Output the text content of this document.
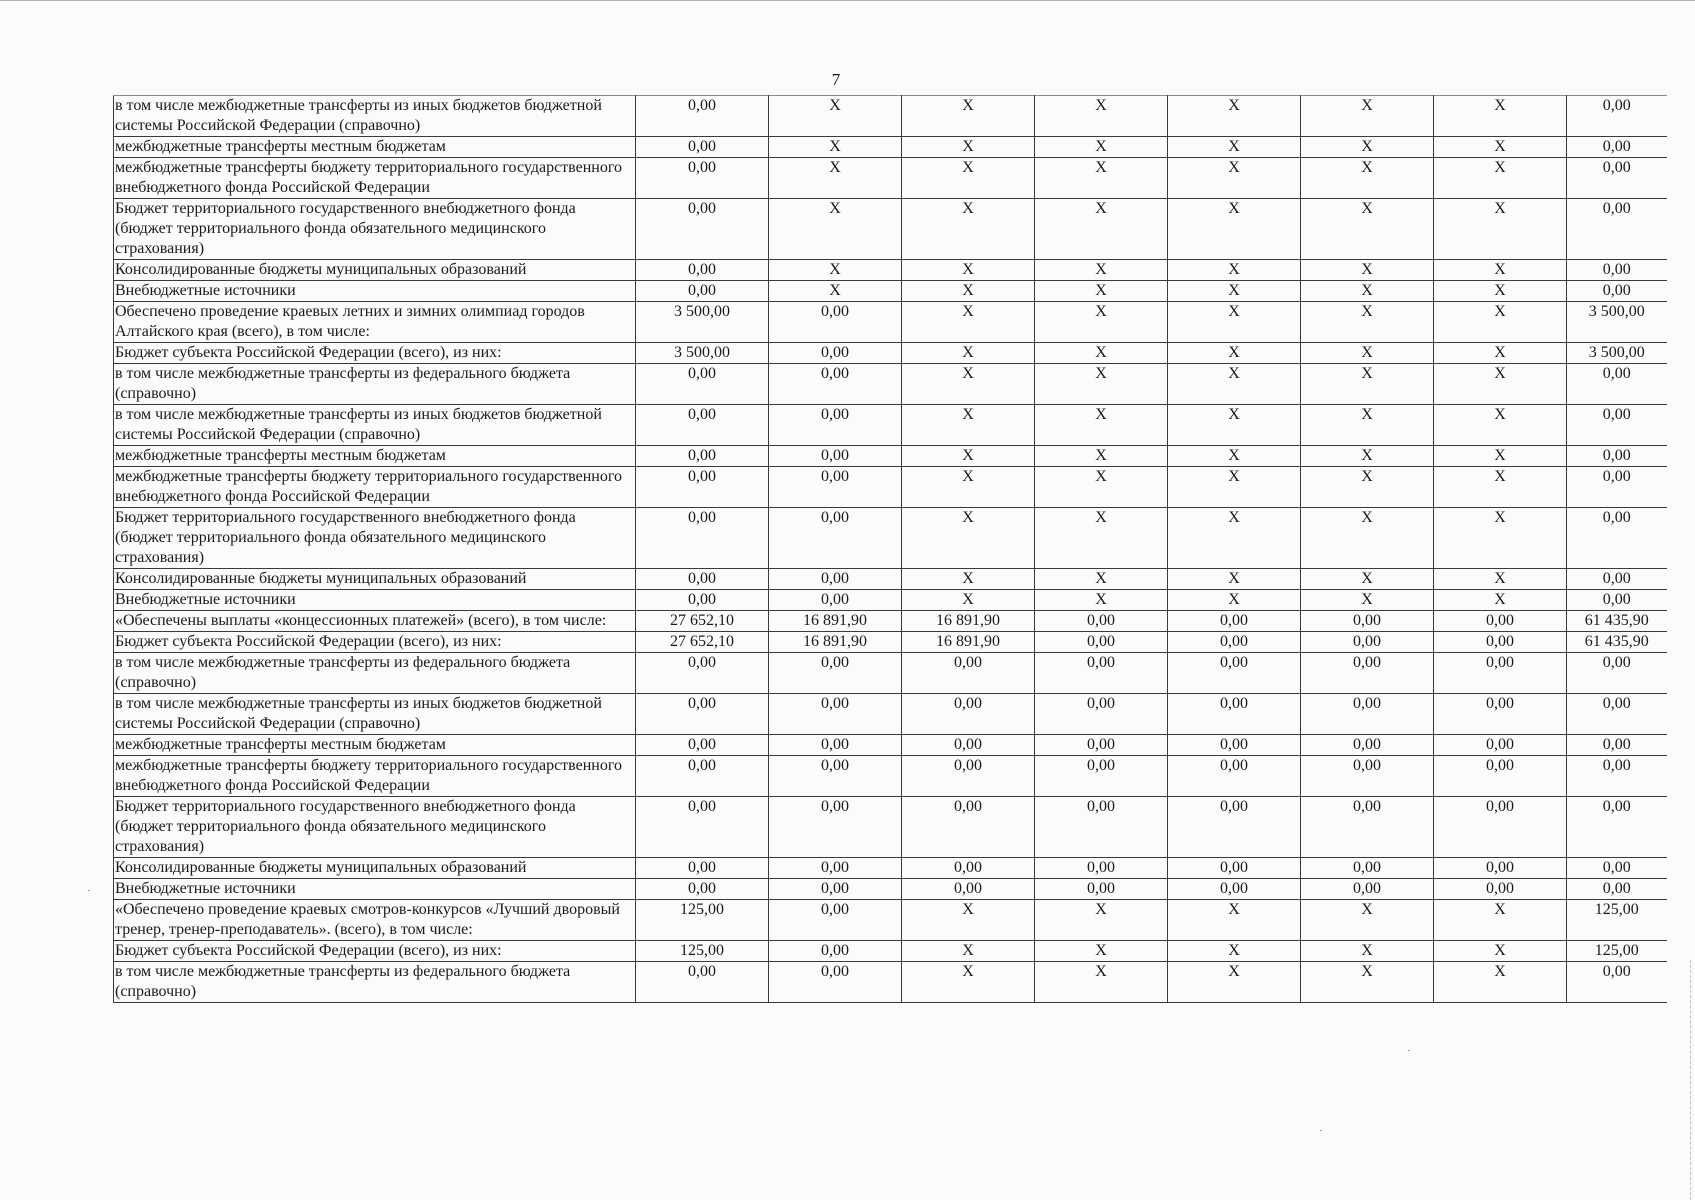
7
в том числе межбюджетные трансферты из иных бюджетов бюджетной системы Российской Федерации (справочно)	0,00	X	X	X	X	X	X	0,00
межбюджетные трансферты местным бюджетам	0,00	X	X	X	X	X	X	0,00
межбюджетные трансферты бюджету территориального государственного внебюджетного фонда Российской Федерации	0,00	X	X	X	X	X	X	0,00
Бюджет территориального государственного внебюджетного фонда (бюджет территориального фонда обязательного медицинского страхования)	0,00	X	X	X	X	X	X	0,00
Консолидированные бюджеты муниципальных образований	0,00	X	X	X	X	X	X	0,00
Внебюджетные источники	0,00	X	X	X	X	X	X	0,00
Обеспечено проведение краевых летних и зимних олимпиад городов Алтайского края (всего), в том числе:	3 500,00	0,00	X	X	X	X	X	3 500,00
Бюджет субъекта Российской Федерации (всего), из них:	3 500,00	0,00	X	X	X	X	X	3 500,00
в том числе межбюджетные трансферты из федерального бюджета (справочно)	0,00	0,00	X	X	X	X	X	0,00
в том числе межбюджетные трансферты из иных бюджетов бюджетной системы Российской Федерации (справочно)	0,00	0,00	X	X	X	X	X	0,00
межбюджетные трансферты местным бюджетам	0,00	0,00	X	X	X	X	X	0,00
межбюджетные трансферты бюджету территориального государственного внебюджетного фонда Российской Федерации	0,00	0,00	X	X	X	X	X	0,00
Бюджет территориального государственного внебюджетного фонда (бюджет территориального фонда обязательного медицинского страхования)	0,00	0,00	X	X	X	X	X	0,00
Консолидированные бюджеты муниципальных образований	0,00	0,00	X	X	X	X	X	0,00
Внебюджетные источники	0,00	0,00	X	X	X	X	X	0,00
«Обеспечены выплаты «концессионных платежей» (всего), в том числе:	27 652,10	16 891,90	16 891,90	0,00	0,00	0,00	0,00	61 435,90
Бюджет субъекта Российской Федерации (всего), из них:	27 652,10	16 891,90	16 891,90	0,00	0,00	0,00	0,00	61 435,90
в том числе межбюджетные трансферты из федерального бюджета (справочно)	0,00	0,00	0,00	0,00	0,00	0,00	0,00	0,00
в том числе межбюджетные трансферты из иных бюджетов бюджетной системы Российской Федерации (справочно)	0,00	0,00	0,00	0,00	0,00	0,00	0,00	0,00
межбюджетные трансферты местным бюджетам	0,00	0,00	0,00	0,00	0,00	0,00	0,00	0,00
межбюджетные трансферты бюджету территориального государственного внебюджетного фонда Российской Федерации	0,00	0,00	0,00	0,00	0,00	0,00	0,00	0,00
Бюджет территориального государственного внебюджетного фонда (бюджет территориального фонда обязательного медицинского страхования)	0,00	0,00	0,00	0,00	0,00	0,00	0,00	0,00
Консолидированные бюджеты муниципальных образований	0,00	0,00	0,00	0,00	0,00	0,00	0,00	0,00
Внебюджетные источники	0,00	0,00	0,00	0,00	0,00	0,00	0,00	0,00
«Обеспечено проведение краевых смотров-конкурсов «Лучший дворовый тренер, тренер-преподаватель». (всего), в том числе:	125,00	0,00	X	X	X	X	X	125,00
Бюджет субъекта Российской Федерации (всего), из них:	125,00	0,00	X	X	X	X	X	125,00
в том числе межбюджетные трансферты из федерального бюджета (справочно)	0,00	0,00	X	X	X	X	X	0,00
